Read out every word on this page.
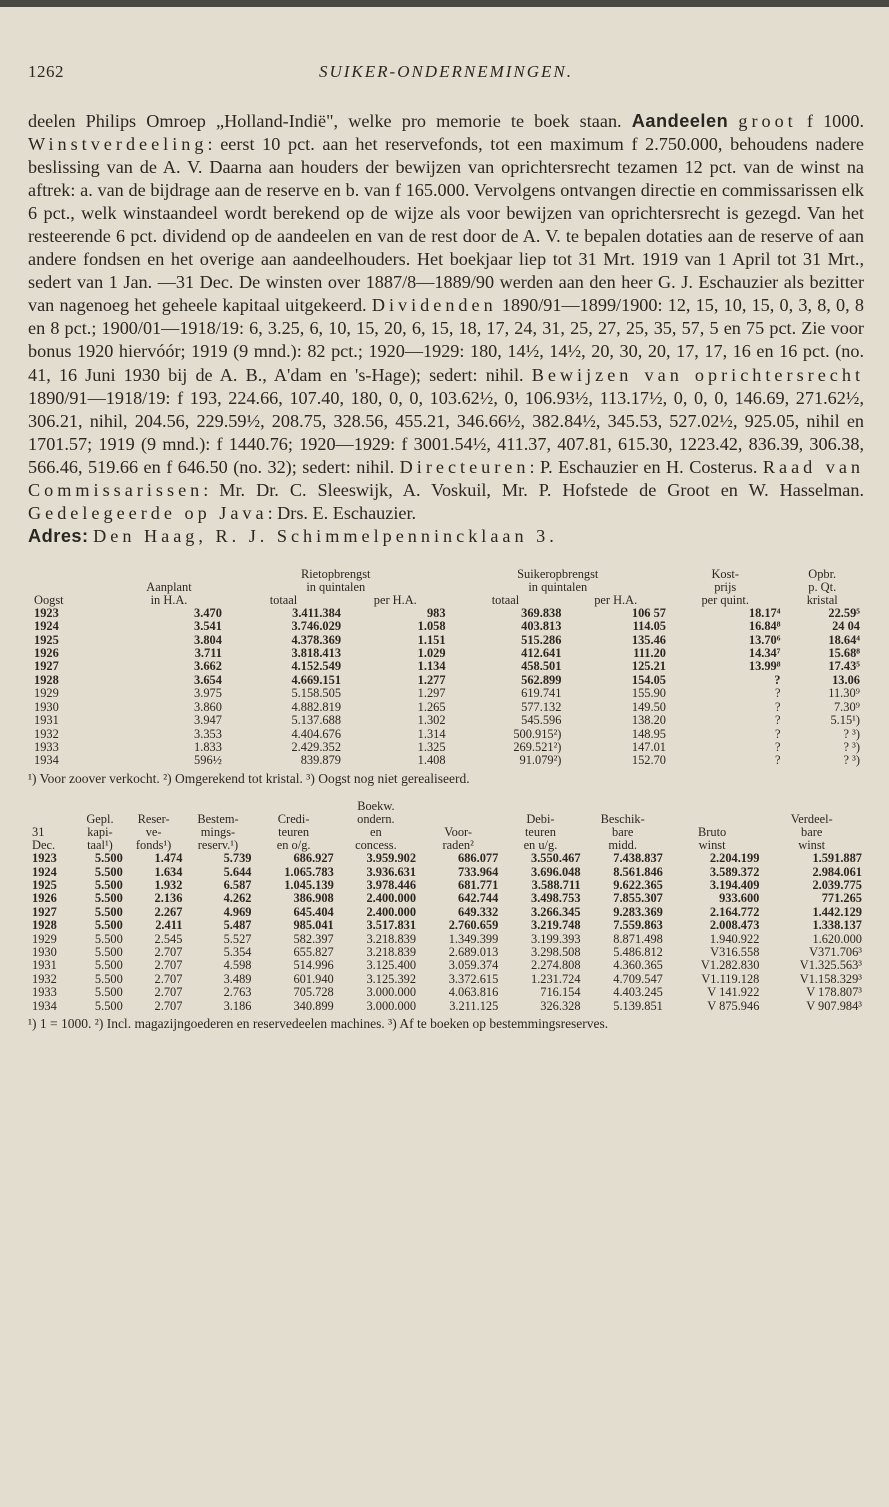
1262	SUIKER-ONDERNEMINGEN.

deelen Philips Omroep „Holland-Indië", welke pro memorie te boek staan. Aandeelen groot f 1000. Winstverdeeling: eerst 10 pct. aan het reservefonds, tot een maximum f 2.750.000, behoudens nadere beslissing van de A. V. Daarna aan houders der bewijzen van oprichtersrecht tezamen 12 pct. van de winst na aftrek: a. van de bijdrage aan de reserve en b. van f 165.000. Vervolgens ontvangen directie en commissarissen elk 6 pct., welk winstaandeel wordt berekend op de wijze als voor bewijzen van oprichtersrecht is gezegd. Van het resteerende 6 pct. dividend op de aandeelen en van de rest door de A. V. te bepalen dotaties aan de reserve of aan andere fondsen en het overige aan aandeelhouders. Het boekjaar liep tot 31 Mrt. 1919 van 1 April tot 31 Mrt., sedert van 1 Jan. —31 Dec. De winsten over 1887/8—1889/90 werden aan den heer G. J. Eschauzier als bezitter van nagenoeg het geheele kapitaal uitgekeerd. Dividenden 1890/91—1899/1900: 12, 15, 10, 15, 0, 3, 8, 0, 8 en 8 pct.; 1900/01—1918/19: 6, 3.25, 6, 10, 15, 20, 6, 15, 18, 17, 24, 31, 25, 27, 25, 35, 57, 5 en 75 pct. Zie voor bonus 1920 hiervóór; 1919 (9 mnd.): 82 pct.; 1920—1929: 180, 14½, 14½, 20, 30, 20, 17, 17, 16 en 16 pct. (no. 41, 16 Juni 1930 bij de A. B., A'dam en 's-Hage); sedert: nihil. Bewijzen van oprichtersrecht 1890/91—1918/19: f 193, 224.66, 107.40, 180, 0, 0, 103.62½, 0, 106.93½, 113.17½, 0, 0, 0, 146.69, 271.62½, 306.21, nihil, 204.56, 229.59½, 208.75, 328.56, 455.21, 346.66½, 382.84½, 345.53, 527.02½, 925.05, nihil en 1701.57; 1919 (9 mnd.): f 1440.76; 1920—1929: f 3001.54½, 411.37, 407.81, 615.30, 1223.42, 836.39, 306.38, 566.46, 519.66 en f 646.50 (no. 32); sedert: nihil. Directeuren: P. Eschauzier en H. Costerus. Raad van Commissarissen: Mr. Dr. C. Sleeswijk, A. Voskuil, Mr. P. Hofstede de Groot en W. Hasselman. Gedelegeerde op Java: Drs. E. Eschauzier.

Adres: Den Haag, R. J. Schimmelpennincklaan 3.

		Rietopbrengst		Suikeropbrengst		Kost-	Opbr.
	Aanplant	in quintalen		in quintalen		prijs	p. Qt.
Oogst	in H.A.	totaal	per H.A.	totaal	per H.A.	per quint.	kristal
1923	3.470	3.411.384	983	369.838	106 57	18.17⁴	22.59⁵
1924	3.541	3.746.029	1.058	403.813	114.05	16.84⁸	24 04
1925	3.804	4.378.369	1.151	515.286	135.46	13.70⁶	18.64⁴
1926	3.711	3.818.413	1.029	412.641	111.20	14.34⁷	15.68⁸
1927	3.662	4.152.549	1.134	458.501	125.21	13.99⁸	17.43⁵
1928	3.654	4.669.151	1.277	562.899	154.05	?	13.06
1929	3.975	5.158.505	1.297	619.741	155.90	?	11.30⁹
1930	3.860	4.882.819	1.265	577.132	149.50	?	7.30⁹
1931	3.947	5.137.688	1.302	545.596	138.20	?	5.15¹)
1932	3.353	4.404.676	1.314	500.915²)	148.95	?	? ³)
1933	1.833	2.429.352	1.325	269.521²)	147.01	?	? ³)
1934	596½	839.879	1.408	91.079²)	152.70	?	? ³)

¹) Voor zoover verkocht. ²) Omgerekend tot kristal. ³) Oogst nog niet gerealiseerd.

					Boekw.					
	Gepl.	Reser-	Bestem-	Credi-	ondern.		Debi-	Beschik-		Verdeel-
31	kapi-	ve-	mings-	teuren	en	Voor-	teuren	bare	Bruto	bare
Dec.	taal¹)	fonds¹)	reserv.¹)	en o/g.	concess.	raden²	en u/g.	midd.	winst	winst
1923	5.500	1.474	5.739	686.927	3.959.902	686.077	3.550.467	7.438.837	2.204.199	1.591.887
1924	5.500	1.634	5.644	1.065.783	3.936.631	733.964	3.696.048	8.561.846	3.589.372	2.984.061
1925	5.500	1.932	6.587	1.045.139	3.978.446	681.771	3.588.711	9.622.365	3.194.409	2.039.775
1926	5.500	2.136	4.262	386.908	2.400.000	642.744	3.498.753	7.855.307	933.600	771.265
1927	5.500	2.267	4.969	645.404	2.400.000	649.332	3.266.345	9.283.369	2.164.772	1.442.129
1928	5.500	2.411	5.487	985.041	3.517.831	2.760.659	3.219.748	7.559.863	2.008.473	1.338.137
1929	5.500	2.545	5.527	582.397	3.218.839	1.349.399	3.199.393	8.871.498	1.940.922	1.620.000
1930	5.500	2.707	5.354	655.827	3.218.839	2.689.013	3.298.508	5.486.812	V316.558	V371.706³
1931	5.500	2.707	4.598	514.996	3.125.400	3.059.374	2.274.808	4.360.365	V1.282.830	V1.325.563³
1932	5.500	2.707	3.489	601.940	3.125.392	3.372.615	1.231.724	4.709.547	V1.119.128	V1.158.329³
1933	5.500	2.707	2.763	705.728	3.000.000	4.063.816	716.154	4.403.245	V 141.922	V 178.807³
1934	5.500	2.707	3.186	340.899	3.000.000	3.211.125	326.328	5.139.851	V 875.946	V 907.984³

¹) 1 = 1000. ²) Incl. magazijngoederen en reservedeelen machines. ³) Af te boeken op bestemmingsreserves.
